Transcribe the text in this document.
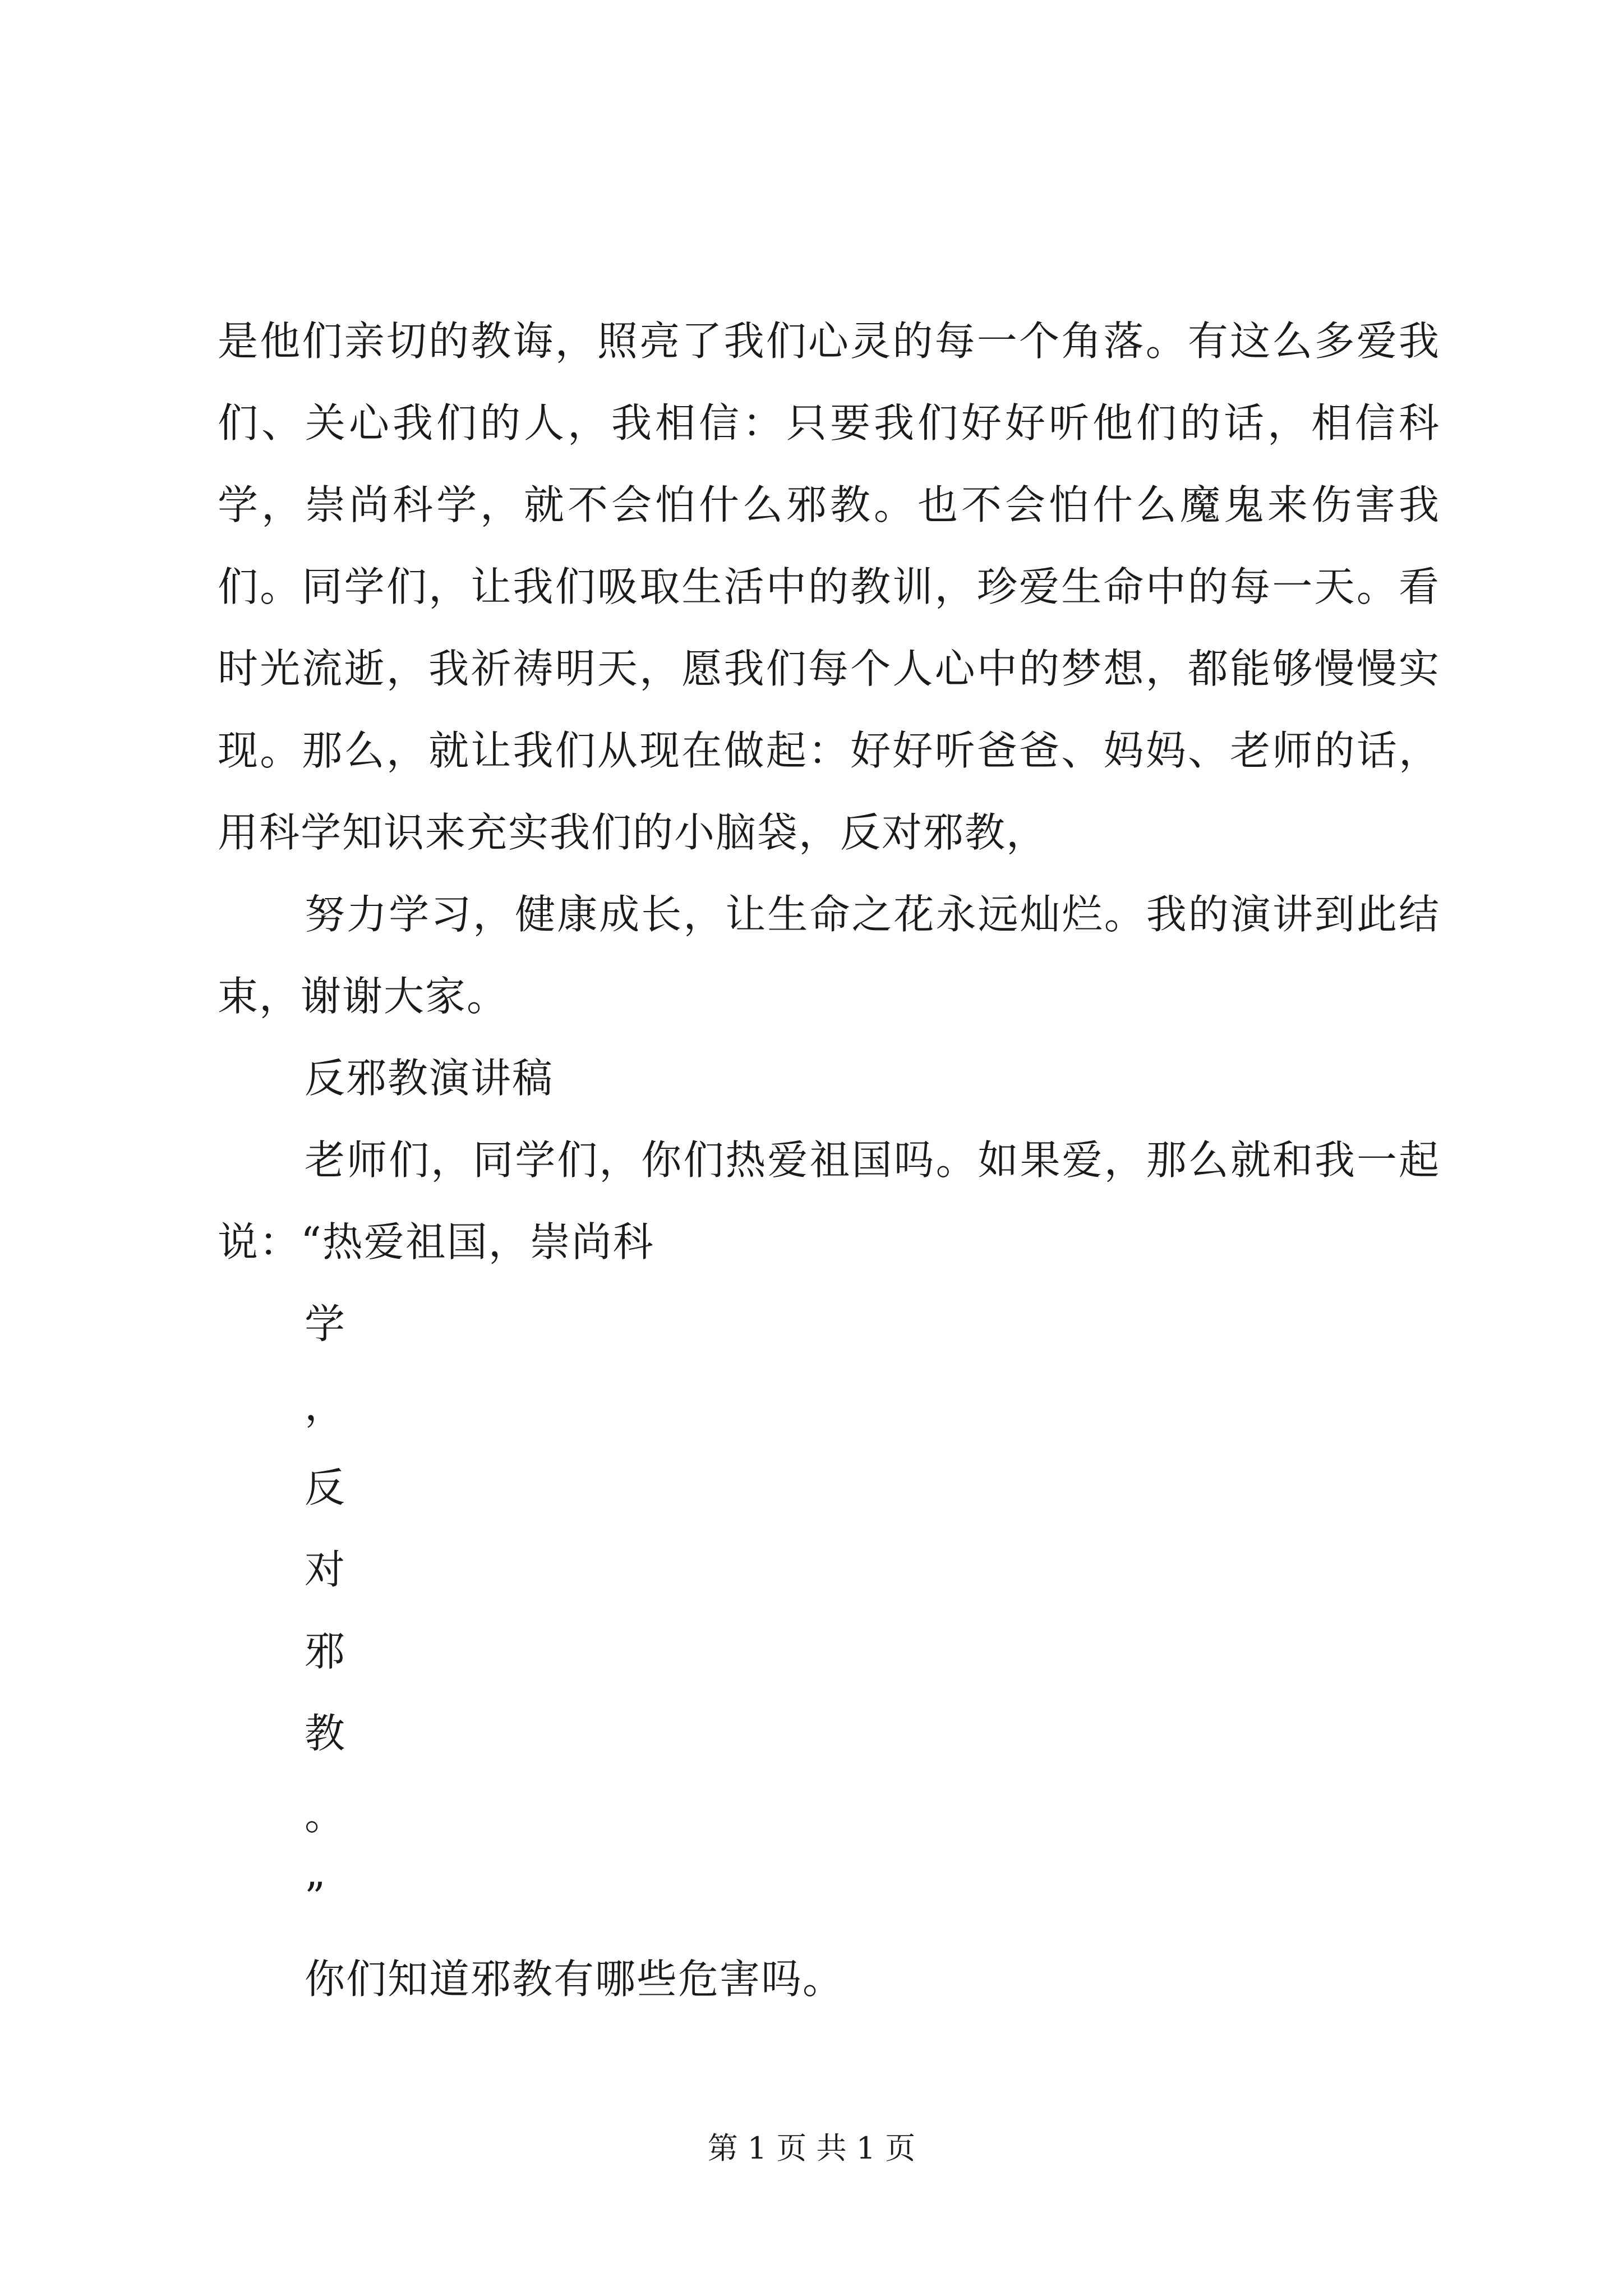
是他们亲切的教诲，照亮了我们心灵的每一个角落。有这么多爱我们、关心我们的人，我相信：只要我们好好听他们的话，相信科学，崇尚科学，就不会怕什么邪教。也不会怕什么魔鬼来伤害我们。同学们，让我们吸取生活中的教训，珍爱生命中的每一天。看时光流逝，我祈祷明天，愿我们每个人心中的梦想，都能够慢慢实现。那么，就让我们从现在做起：好好听爸爸、妈妈、老师的话，用科学知识来充实我们的小脑袋，反对邪教，

努力学习，健康成长，让生命之花永远灿烂。我的演讲到此结束，谢谢大家。

反邪教演讲稿

老师们，同学们，你们热爱祖国吗。如果爱，那么就和我一起说：“热爱祖国，崇尚科

学
，
反
对
邪
教
。
”

你们知道邪教有哪些危害吗。

第 1 页 共 1 页
